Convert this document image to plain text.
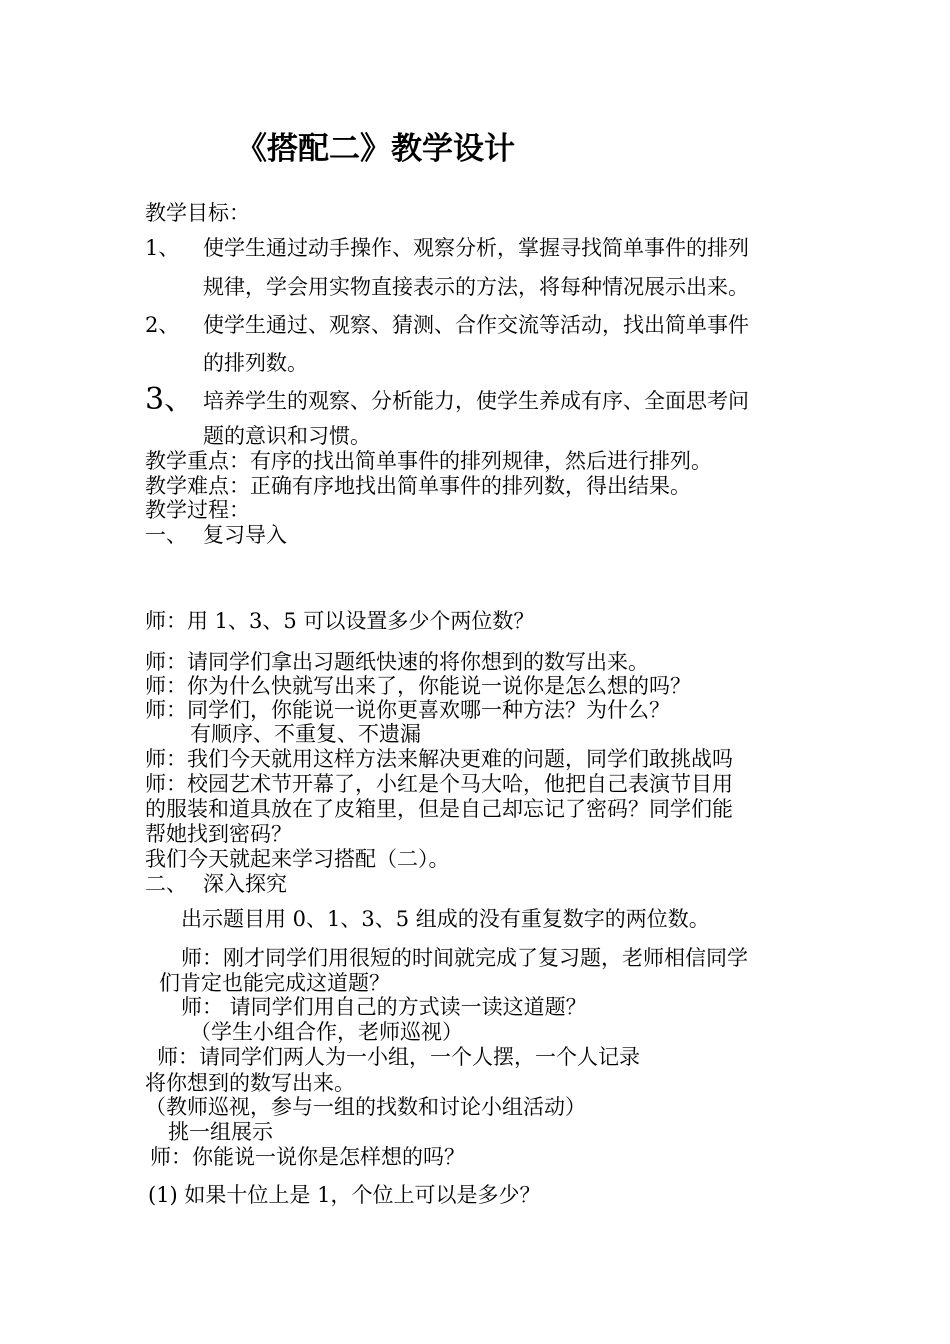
《搭配二》教学设计
教学目标：
1、 使学生通过动手操作、观察分析，掌握寻找简单事件的排列
规律，学会用实物直接表示的方法，将每种情况展示出来。
2、 使学生通过、观察、猜测、合作交流等活动，找出简单事件
的排列数。
3、 培养学生的观察、分析能力，使学生养成有序、全面思考问
题的意识和习惯。
教学重点：有序的找出简单事件的排列规律，然后进行排列。
教学难点：正确有序地找出简单事件的排列数，得出结果。
教学过程：
一、 复习导入
师：用 1、3、5 可以设置多少个两位数？
师：请同学们拿出习题纸快速的将你想到的数写出来。
师：你为什么快就写出来了，你能说一说你是怎么想的吗？
师：同学们，你能说一说你更喜欢哪一种方法？为什么？
有顺序、不重复、不遗漏
师：我们今天就用这样方法来解决更难的问题，同学们敢挑战吗
师：校园艺术节开幕了，小红是个马大哈，他把自己表演节目用
的服装和道具放在了皮箱里，但是自己却忘记了密码？同学们能
帮她找到密码？
我们今天就起来学习搭配（二）。
二、 深入探究
出示题目用 0、1、3、5 组成的没有重复数字的两位数。
师：刚才同学们用很短的时间就完成了复习题，老师相信同学
们肯定也能完成这道题？
师： 请同学们用自己的方式读一读这道题？
（学生小组合作，老师巡视）
师：请同学们两人为一小组，一个人摆，一个人记录
将你想到的数写出来。
（教师巡视，参与一组的找数和讨论小组活动）
挑一组展示
师：你能说一说你是怎样想的吗？
(1) 如果十位上是 1，个位上可以是多少？
